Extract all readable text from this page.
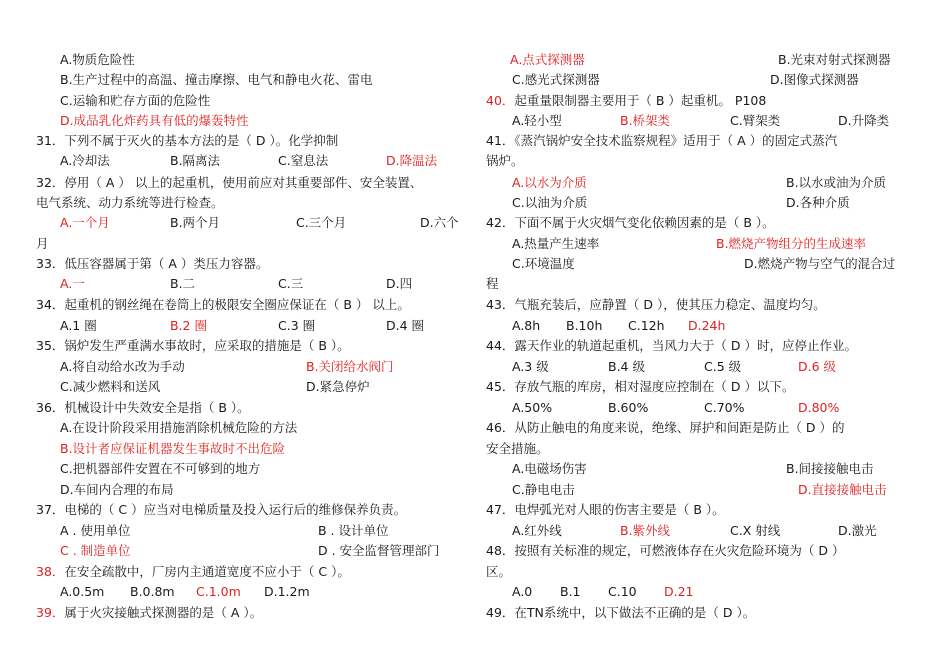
A.物质危险性
B.生产过程中的高温、撞击摩擦、电气和静电火花、雷电
C.运输和贮存方面的危险性
D.成品乳化炸药具有低的爆轰特性
31．下列不属于灭火的基本方法的是（ D ）。化学抑制
A.冷却法	B.隔离法	C.窒息法	D.降温法
32．停用（ A ） 以上的起重机，使用前应对其重要部件、安全装置、
电气系统、动力系统等进行检查。
A.一个月	B.两个月	C.三个月	D.六个
月
33．低压容器属于第（ A ）类压力容器。
A.一	B.二	C.三	D.四
34．起重机的钢丝绳在卷筒上的极限安全圈应保证在（ B ） 以上。
A.1 圈	B.2 圈	C.3 圈	D.4 圈
35．锅炉发生严重满水事故时，应采取的措施是（ B ）。
A.将自动给水改为手动	B.关闭给水阀门
C.减少燃料和送风	D.紧急停炉
36．机械设计中失效安全是指（ B ）。
A.在设计阶段采用措施消除机械危险的方法
B.设计者应保证机器发生事故时不出危险
C.把机器部件安置在不可够到的地方
D.车间内合理的布局
37．电梯的（ C ）应当对电梯质量及投入运行后的维修保养负责。
A . 使用单位	B . 设计单位
C . 制造单位	D . 安全监督管理部门
38．在安全疏散中，厂房内主通道宽度不应小于（ C ）。
A.0.5m B.0.8m C.1.0m D.1.2m
39．属于火灾接触式探测器的是（ A ）。
A.点式探测器	B.光束对射式探测器
C.感光式探测器	D.图像式探测器
40．起重量限制器主要用于（ B ）起重机。 P108
A.轻小型	B.桥架类	C.臂架类	D.升降类
41．《蒸汽锅炉安全技术监察规程》适用于（ A ）的固定式蒸汽
锅炉。
A.以水为介质	B.以水或油为介质
C.以油为介质	D.各种介质
42．下面不属于火灾烟气变化依赖因素的是（ B ）。
A.热量产生速率	B.燃烧产物组分的生成速率
C.环境温度	D.燃烧产物与空气的混合过
程
43．气瓶充装后，应静置（ D ），使其压力稳定、温度均匀。
A.8h B.10h C.12h D.24h
44．露天作业的轨道起重机，当风力大于（ D ）时，应停止作业。
A.3 级	B.4 级	C.5 级	D.6 级
45．存放气瓶的库房，相对湿度应控制在（ D ）以下。
A.50%	B.60%	C.70%	D.80%
46．从防止触电的角度来说，绝缘、屏护和间距是防止（ D ）的
安全措施。
A.电磁场伤害	B.间接接触电击
C.静电电击	D.直接接触电击
47．电焊弧光对人眼的伤害主要是（ B ）。
A.红外线	B.紫外线	C.X 射线	D.激光
48．按照有关标准的规定，可燃液体存在火灾危险环境为（ D ）
区。
A.0 B.1 C.10 D.21
49．在TN系统中，以下做法不正确的是（ D ）。
